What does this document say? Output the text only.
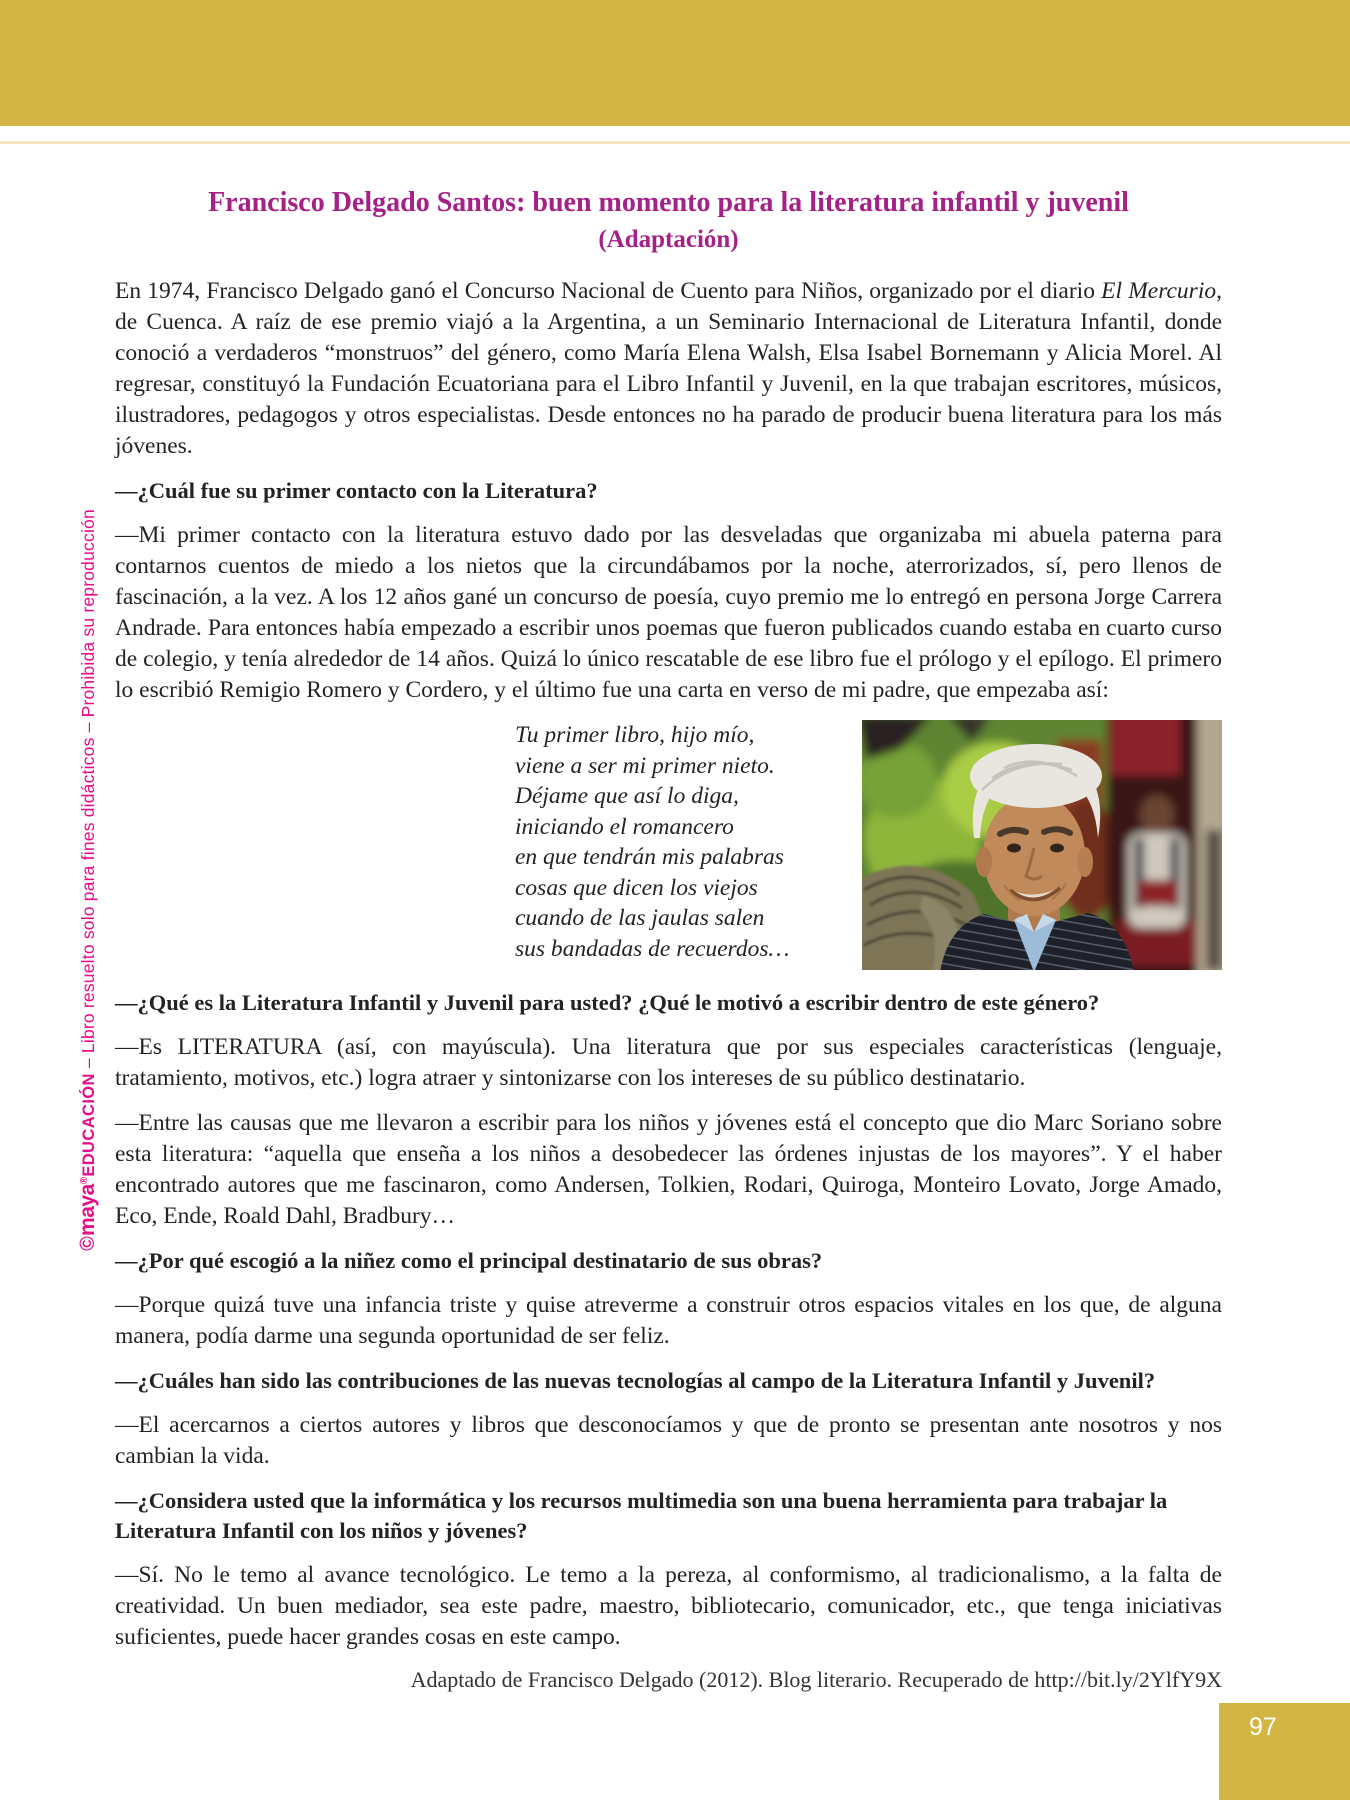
©maya®EDUCACIÓN – Libro resuelto solo para fines didácticos – Prohibida su reproducción
Francisco Delgado Santos: buen momento para la literatura infantil y juvenil
(Adaptación)

En 1974, Francisco Delgado ganó el Concurso Nacional de Cuento para Niños, organizado por el diario El Mercurio, de Cuenca. A raíz de ese premio viajó a la Argentina, a un Seminario Internacional de Literatura Infantil, donde conoció a verdaderos “monstruos” del género, como María Elena Walsh, Elsa Isabel Bornemann y Alicia Morel. Al regresar, constituyó la Fundación Ecuatoriana para el Libro Infantil y Juvenil, en la que trabajan escritores, músicos, ilustradores, pedagogos y otros especialistas. Desde entonces no ha parado de producir buena literatura para los más jóvenes.

—¿Cuál fue su primer contacto con la Literatura?

—Mi primer contacto con la literatura estuvo dado por las desveladas que organizaba mi abuela paterna para contarnos cuentos de miedo a los nietos que la circundábamos por la noche, aterrorizados, sí, pero llenos de fascinación, a la vez. A los 12 años gané un concurso de poesía, cuyo premio me lo entregó en persona Jorge Carrera Andrade. Para entonces había empezado a escribir unos poemas que fueron publicados cuando estaba en cuarto curso de colegio, y tenía alrededor de 14 años. Quizá lo único rescatable de ese libro fue el prólogo y el epílogo. El primero lo escribió Remigio Romero y Cordero, y el último fue una carta en verso de mi padre, que empezaba así:

Tu primer libro, hijo mío,
viene a ser mi primer nieto.
Déjame que así lo diga,
iniciando el romancero
en que tendrán mis palabras
cosas que dicen los viejos
cuando de las jaulas salen
sus bandadas de recuerdos…

—¿Qué es la Literatura Infantil y Juvenil para usted? ¿Qué le motivó a escribir dentro de este género?

—Es LITERATURA (así, con mayúscula). Una literatura que por sus especiales características (lenguaje, tratamiento, motivos, etc.) logra atraer y sintonizarse con los intereses de su público destinatario.

—Entre las causas que me llevaron a escribir para los niños y jóvenes está el concepto que dio Marc Soriano sobre esta literatura: “aquella que enseña a los niños a desobedecer las órdenes injustas de los mayores”. Y el haber encontrado autores que me fascinaron, como Andersen, Tolkien, Rodari, Quiroga, Monteiro Lovato, Jorge Amado, Eco, Ende, Roald Dahl, Bradbury…

—¿Por qué escogió a la niñez como el principal destinatario de sus obras?

—Porque quizá tuve una infancia triste y quise atreverme a construir otros espacios vitales en los que, de alguna manera, podía darme una segunda oportunidad de ser feliz.

—¿Cuáles han sido las contribuciones de las nuevas tecnologías al campo de la Literatura Infantil y Juvenil?

—El acercarnos a ciertos autores y libros que desconocíamos y que de pronto se presentan ante nosotros y nos cambian la vida.

—¿Considera usted que la informática y los recursos multimedia son una buena herramienta para trabajar la Literatura Infantil con los niños y jóvenes?

—Sí. No le temo al avance tecnológico. Le temo a la pereza, al conformismo, al tradicionalismo, a la falta de creatividad. Un buen mediador, sea este padre, maestro, bibliotecario, comunicador, etc., que tenga iniciativas suficientes, puede hacer grandes cosas en este campo.

Adaptado de Francisco Delgado (2012). Blog literario. Recuperado de http://bit.ly/2YlfY9X

97
